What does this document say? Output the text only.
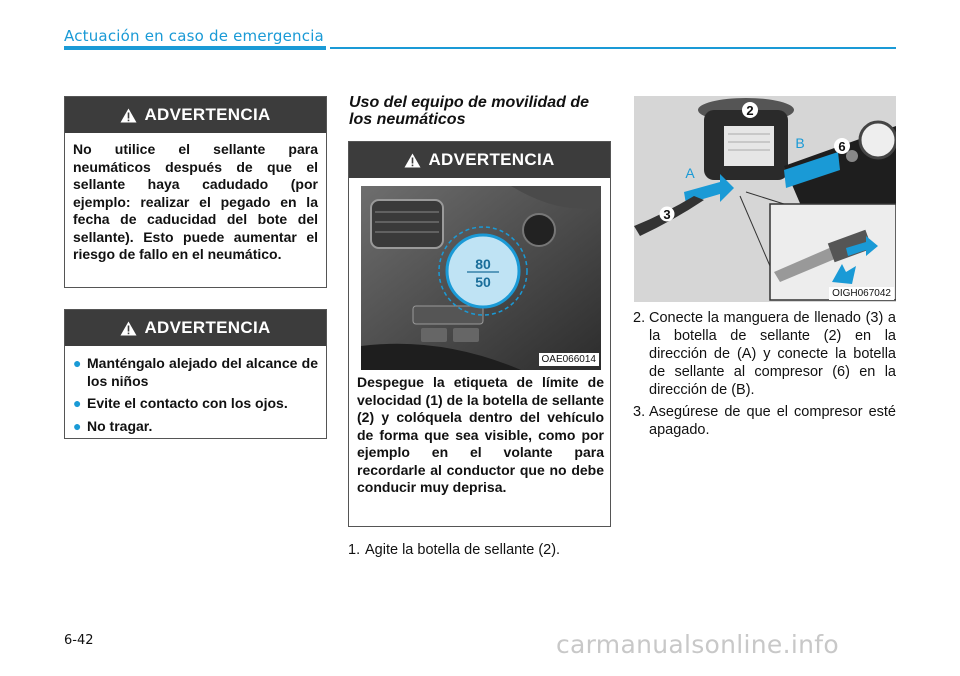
Actuación en caso de emergencia
ADVERTENCIA
No utilice el sellante para neumáticos después de que el sellante haya cadudado (por ejemplo: realizar el pegado en la fecha de caducidad del bote del sellante). Esto puede aumentar el riesgo de fallo en el neumático.
ADVERTENCIA
● Manténgalo alejado del alcance de los niños
● Evite el contacto con los ojos.
● No tragar.
Uso del equipo de movilidad de los neumáticos
ADVERTENCIA
80
50
OAE066014
Despegue la etiqueta de límite de velocidad (1) de la botella de sellante (2) y colóquela dentro del vehículo de forma que sea visible, como por ejemplo en el volante para recordarle al conductor que no debe conducir muy deprisa.
1. Agite la botella de sellante (2).
2
6
3
A
B
OIGH067042
2. Conecte la manguera de llenado (3) a la botella de sellante (2) en la dirección de (A) y conecte la botella de sellante al compresor (6) en la dirección de (B).
3. Asegúrese de que el compresor esté apagado.
6-42	carmanualsonline.info
